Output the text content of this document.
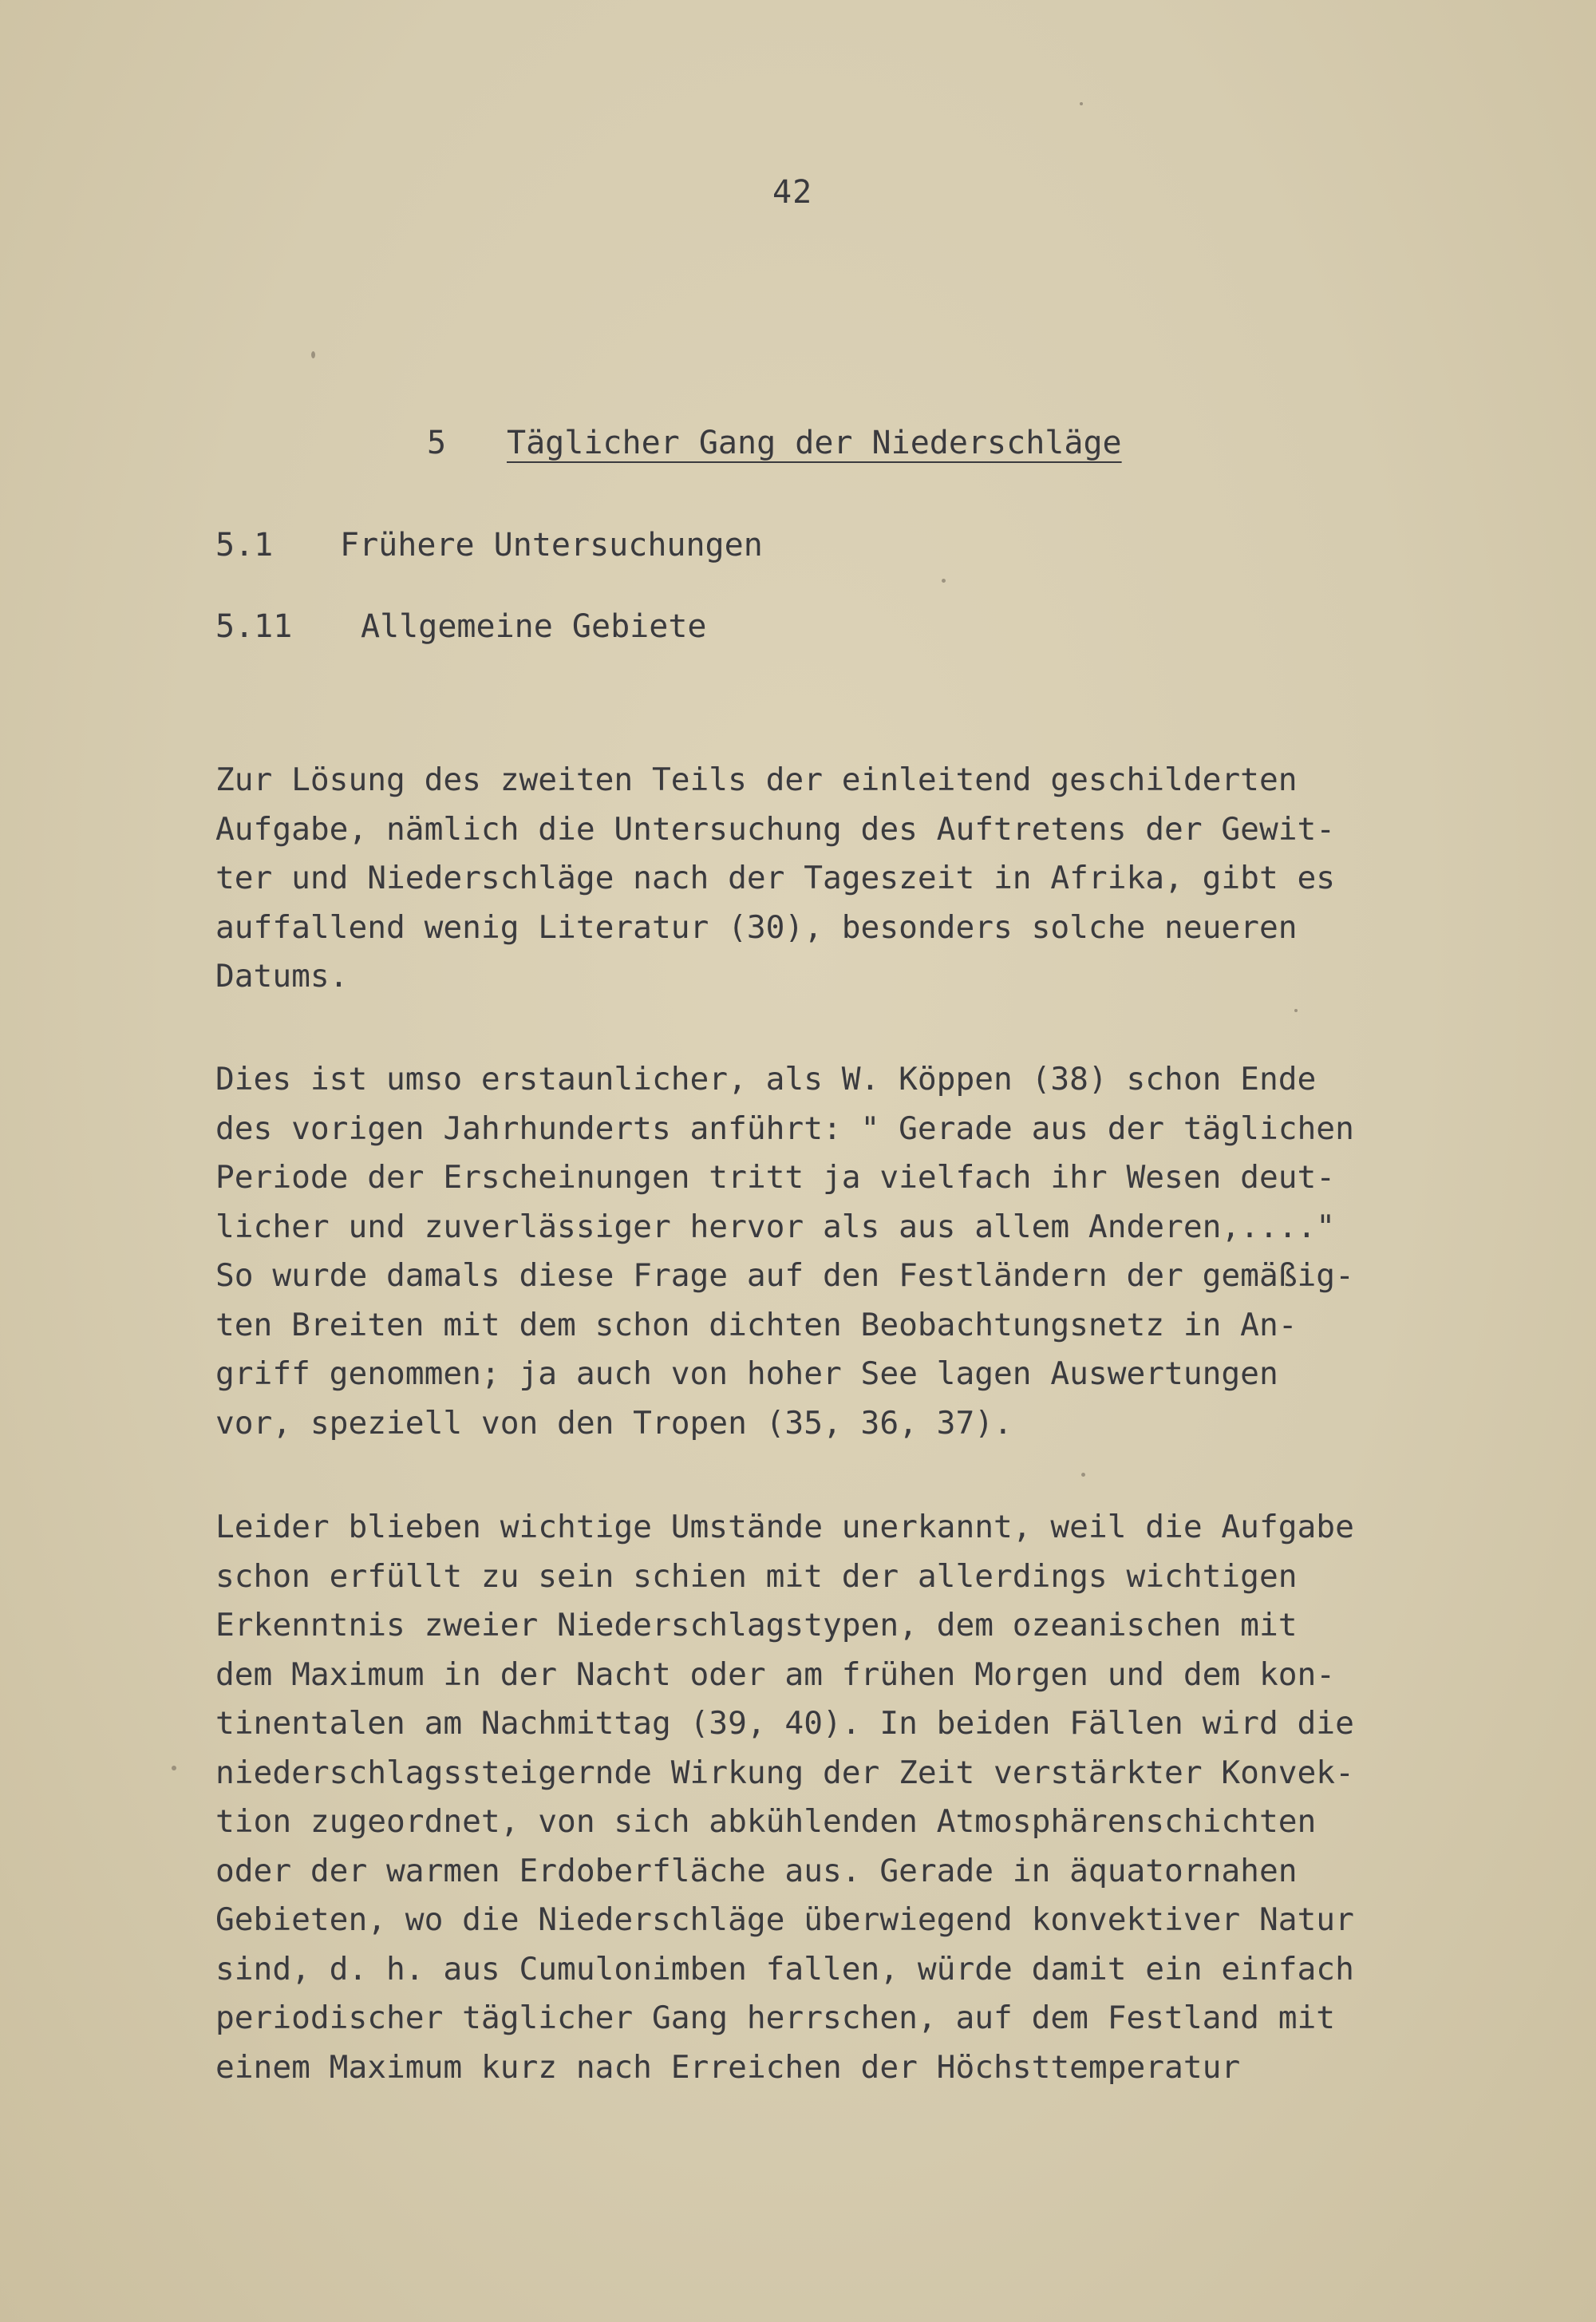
42
5 Täglicher Gang der Niederschläge
5.1 Frühere Untersuchungen
5.11 Allgemeine Gebiete
Zur Lösung des zweiten Teils der einleitend geschilderten
Aufgabe, nämlich die Untersuchung des Auftretens der Gewit-
ter und Niederschläge nach der Tageszeit in Afrika, gibt es
auffallend wenig Literatur (30), besonders solche neueren
Datums.
Dies ist umso erstaunlicher, als W. Köppen (38) schon Ende
des vorigen Jahrhunderts anführt: " Gerade aus der täglichen
Periode der Erscheinungen tritt ja vielfach ihr Wesen deut-
licher und zuverlässiger hervor als aus allem Anderen,...."
So wurde damals diese Frage auf den Festländern der gemäßig-
ten Breiten mit dem schon dichten Beobachtungsnetz in An-
griff genommen; ja auch von hoher See lagen Auswertungen
vor, speziell von den Tropen (35, 36, 37).
Leider blieben wichtige Umstände unerkannt, weil die Aufgabe
schon erfüllt zu sein schien mit der allerdings wichtigen
Erkenntnis zweier Niederschlagstypen, dem ozeanischen mit
dem Maximum in der Nacht oder am frühen Morgen und dem kon-
tinentalen am Nachmittag (39, 40). In beiden Fällen wird die
niederschlagssteigernde Wirkung der Zeit verstärkter Konvek-
tion zugeordnet, von sich abkühlenden Atmosphärenschichten
oder der warmen Erdoberfläche aus. Gerade in äquatornahen
Gebieten, wo die Niederschläge überwiegend konvektiver Natur
sind, d. h. aus Cumulonimben fallen, würde damit ein einfach
periodischer täglicher Gang herrschen, auf dem Festland mit
einem Maximum kurz nach Erreichen der Höchsttemperatur
